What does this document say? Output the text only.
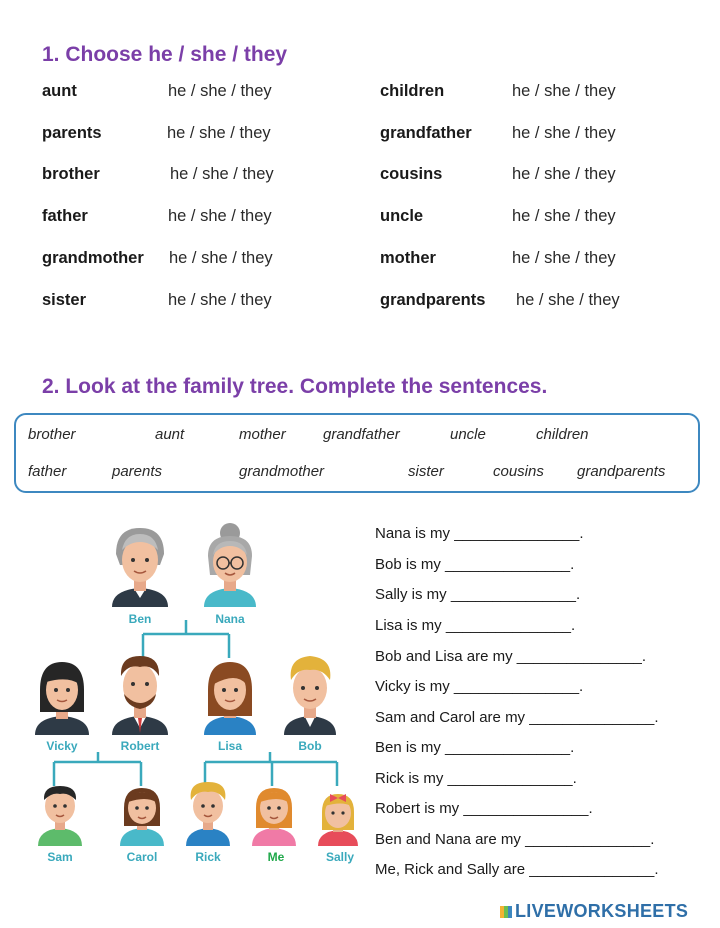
1. Choose he / she / they
aunt	he / she / they
parents	he / she / they
brother	he / she / they
father	he / she / they
grandmother he / she / they
sister	he / she / they
children	he / she / they
grandfather he / she / they
cousins	he / she / they
uncle	he / she / they
mother	he / she / they
grandparents he / she / they
2. Look at the family tree. Complete the sentences.
brother	aunt	mother grandfather	uncle	children
father	parents	grandmother	sister	cousins grandparents
Ben	Nana
Vicky	Robert	Lisa	Bob
Sam	Carol	Rick	Me	Sally
Nana is my _______________.
Bob is my _______________.
Sally is my _______________.
Lisa is my _______________.
Bob and Lisa are my _______________.
Vicky is my _______________.
Sam and Carol are my _______________.
Ben is my _______________.
Rick is my _______________.
Robert is my _______________.
Ben and Nana are my _______________.
Me, Rick and Sally are _______________.
LIVEWORKSHEETS
